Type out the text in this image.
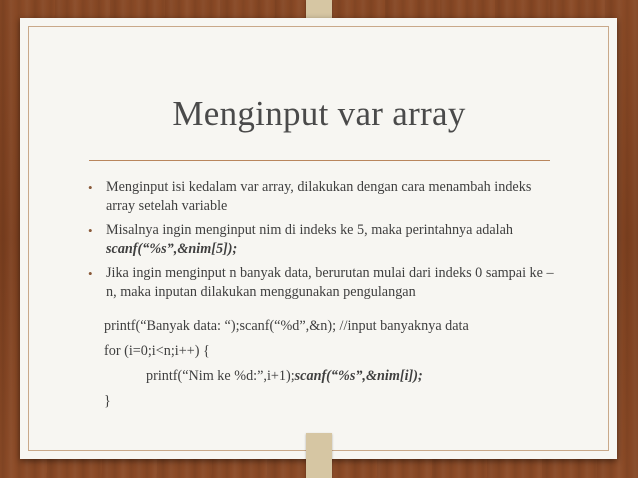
Menginput var array
• Menginput isi kedalam var array, dilakukan dengan cara menambah indeks array setelah variable
• Misalnya ingin menginput nim di indeks ke 5, maka perintahnya adalah scanf(“%s”,&nim[5]);
• Jika ingin menginput n banyak data, berurutan mulai dari indeks 0 sampai ke – n, maka inputan dilakukan menggunakan pengulangan
printf(“Banyak data: “);scanf(“%d”,&n); //input banyaknya data
for (i=0;i<n;i++) {
printf(“Nim ke %d:”,i+1);scanf(“%s”,&nim[i]);
}
